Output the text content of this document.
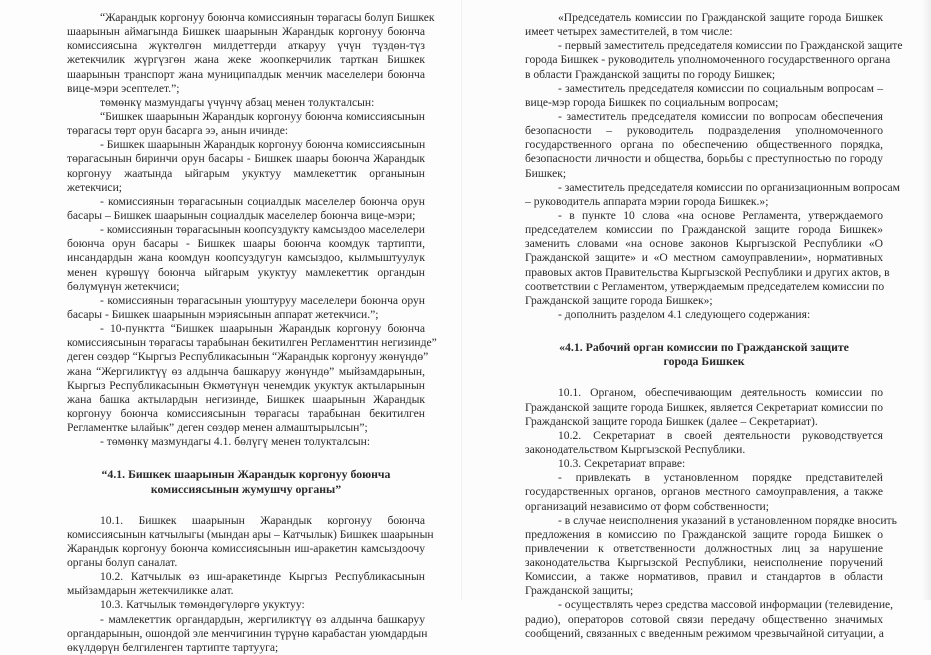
“Жарандык коргонуу боюнча комиссиянын төрагасы болуп Бишкек
шаарынын аймагында Бишкек шаарынын Жарандык коргонуу боюнча
комиссиясына жүктөлгөн милдеттерди аткаруу үчүн түздөн-түз
жетекчилик жүргүзгөн жана жеке жоопкерчилик тарткан Бишкек
шаарынын транспорт жана муниципалдык менчик маселелери боюнча
вице-мэри эсептелет.”;
төмөнкү мазмундагы үчүнчү абзац менен толукталсын:
“Бишкек шаарынын Жарандык коргонуу боюнча комиссиясынын
төрагасы төрт орун басарга ээ, анын ичинде:
- Бишкек шаарынын Жарандык коргонуу боюнча комиссиясынын
төрагасынын биринчи орун басары - Бишкек шаары боюнча Жарандык
коргонуу жаатында ыйгарым укуктуу мамлекеттик органынын
жетекчиси;
- комиссиянын төрагасынын социалдык маселелер боюнча орун
басары – Бишкек шаарынын социалдык маселелер боюнча вице-мэри;
- комиссиянын төрагасынын коопсуздукту камсыздоо маселелери
боюнча орун басары - Бишкек шаары боюнча коомдук тартипти,
инсандардын жана коомдун коопсуздугун камсыздоо, кылмыштуулук
менен күрөшүү боюнча ыйгарым укуктуу мамлекеттик органдын
бөлүмүнүн жетекчиси;
- комиссиянын төрагасынын уюштуруу маселелери боюнча орун
басары - Бишкек шаарынын мэриясынын аппарат жетекчиси.”;
- 10-пунктта “Бишкек шаарынын Жарандык коргонуу боюнча
комиссиясынын төрагасы тарабынан бекитилген Регламенттин негизинде”
деген сөздөр “Кыргыз Республикасынын “Жарандык коргонуу жөнүндө”
жана “Жергиликтүү өз алдынча башкаруу жөнүндө” мыйзамдарынын,
Кыргыз Республикасынын Өкмөтүнүн ченемдик укуктук актыларынын
жана башка актылардын негизинде, Бишкек шаарынын Жарандык
коргонуу боюнча комиссиясынын төрагасы тарабынан бекитилген
Регламентке ылайык” деген сөздөр менен алмаштырылсын”;
- төмөнкү мазмундагы 4.1. бөлүгү менен толукталсын:
“4.1. Бишкек шаарынын Жарандык коргонуу боюнча
комиссиясынын жумушчу органы”
10.1. Бишкек шаарынын Жарандык коргонуу боюнча
комиссиясынын катчылыгы (мындан ары – Катчылык) Бишкек шаарынын
Жарандык коргонуу боюнча комиссиясынын иш-аракетин камсыздоочу
органы болуп саналат.
10.2. Катчылык өз иш-аракетинде Кыргыз Республикасынын
мыйзамдарын жетекчиликке алат.
10.3. Катчылык төмөндөгүлөргө укуктуу:
- мамлекеттик органдардын, жергиликтүү өз алдынча башкаруу
органдарынын, ошондой эле менчигинин түрүнө карабастан уюмдардын
өкүлдөрүн белгиленген тартипте тартууга;
«Председатель комиссии по Гражданской защите города Бишкек
имеет четырех заместителей, в том числе:
- первый заместитель председателя комиссии по Гражданской защите
города Бишкек - руководитель уполномоченного государственного органа
в области Гражданской защиты по городу Бишкек;
- заместитель председателя комиссии по социальным вопросам –
вице-мэр города Бишкек по социальным вопросам;
- заместитель председателя комиссии по вопросам обеспечения
безопасности – руководитель подразделения уполномоченного
государственного органа по обеспечению общественного порядка,
безопасности личности и общества, борьбы с преступностью по городу
Бишкек;
- заместитель председателя комиссии по организационным вопросам
– руководитель аппарата мэрии города Бишкек.»;
- в пункте 10 слова «на основе Регламента, утверждаемого
председателем комиссии по Гражданской защите города Бишкек»
заменить словами «на основе законов Кыргызской Республики «О
Гражданской защите» и «О местном самоуправлении», нормативных
правовых актов Правительства Кыргызской Республики и других актов, в
соответствии с Регламентом, утверждаемым председателем комиссии по
Гражданской защите города Бишкек»;
- дополнить разделом 4.1 следующего содержания:
«4.1. Рабочий орган комиссии по Гражданской защите
города Бишкек
10.1. Органом, обеспечивающим деятельность комиссии по
Гражданской защите города Бишкек, является Секретариат комиссии по
Гражданской защите города Бишкек (далее – Секретариат).
10.2. Секретариат в своей деятельности руководствуется
законодательством Кыргызской Республики.
10.3. Секретариат вправе:
- привлекать в установленном порядке представителей
государственных органов, органов местного самоуправления, а также
организаций независимо от форм собственности;
- в случае неисполнения указаний в установленном порядке вносить
предложения в комиссию по Гражданской защите города Бишкек о
привлечении к ответственности должностных лиц за нарушение
законодательства Кыргызской Республики, неисполнение поручений
Комиссии, а также нормативов, правил и стандартов в области
Гражданской защиты;
- осуществлять через средства массовой информации (телевидение,
радио), операторов сотовой связи передачу общественно значимых
сообщений, связанных с введенным режимом чрезвычайной ситуации, а
